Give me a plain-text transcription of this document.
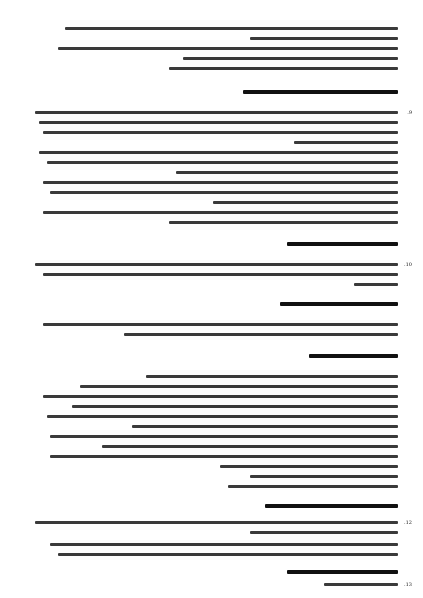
9.
10.
12.
13.
